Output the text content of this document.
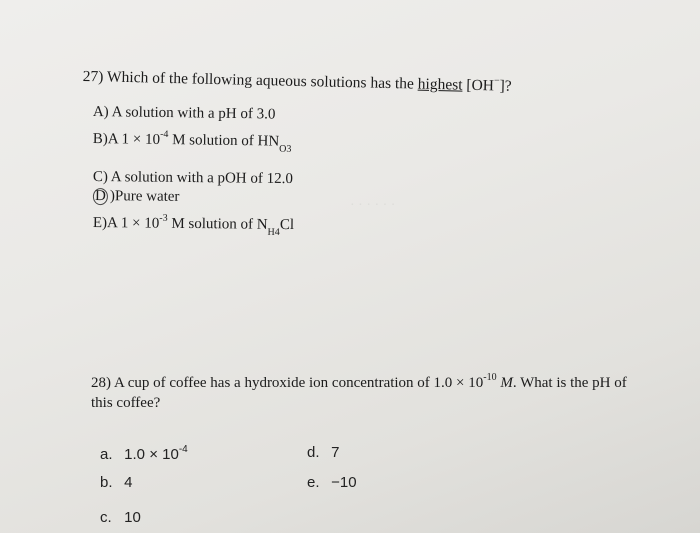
· · · · · ·
27) Which of the following aqueous solutions has the highest [OH−]?
A) A solution with a pH of 3.0
B)A $1 \times 10^{-4}$ M solution of $HN_{O3}$
C) A solution with a pOH of 12.0
D )Pure water
E)A $1 \times 10^{-3}$ M solution of $N_{H4}Cl$
28) A cup of coffee has a hydroxide ion concentration of $1.0 \times 10^{-10}$ M. What is the pH of
this coffee?
a. $1.0 \times 10^{-4}$
b. 4
c. 10
d. 7
e. −10
